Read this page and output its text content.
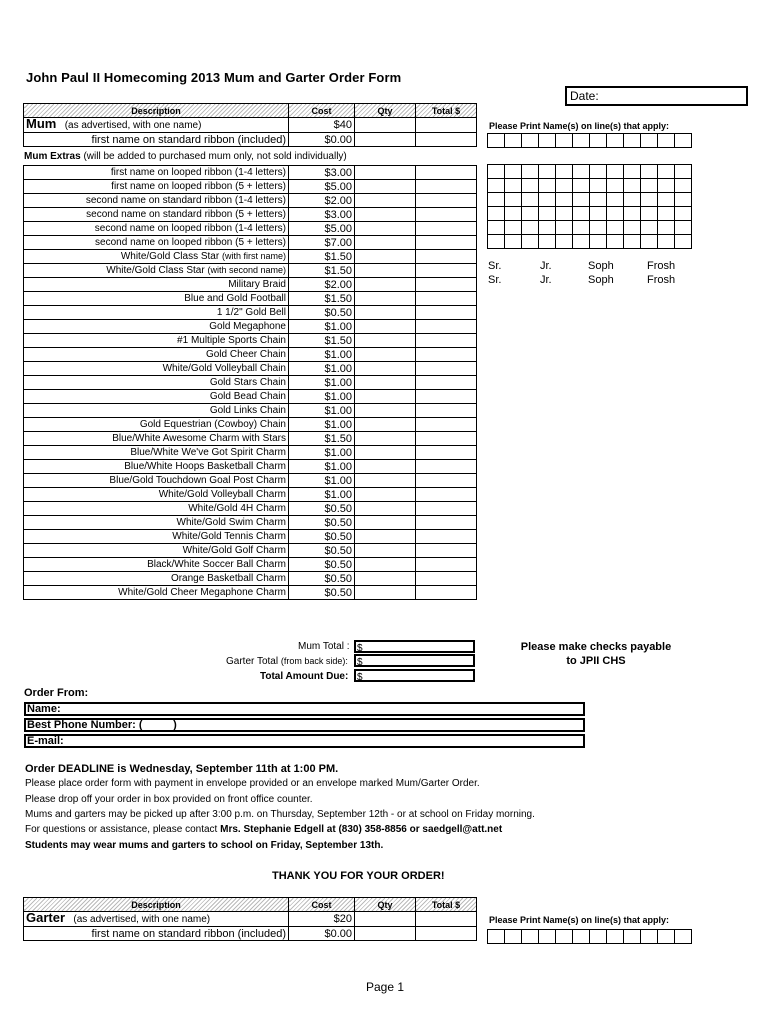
John Paul II Homecoming 2013 Mum and Garter Order Form
Date:
Description	Cost	Qty	Total $
Mum (as advertised, with one name)	$40		
first name on standard ribbon (included)	$0.00		
Mum Extras (will be added to purchased mum only, not sold individually)
first name on looped ribbon (1-4 letters)	$3.00		
first name on looped ribbon (5 + letters)	$5.00		
second name on standard ribbon (1-4 letters)	$2.00		
second name on standard ribbon (5 + letters)	$3.00		
second name on looped ribbon (1-4 letters)	$5.00		
second name on looped ribbon (5 + letters)	$7.00		
White/Gold Class Star (with first name)	$1.50		
White/Gold Class Star (with second name)	$1.50		
Military Braid	$2.00		
Blue and Gold Football	$1.50		
1 1/2" Gold Bell	$0.50		
Gold Megaphone	$1.00		
#1 Multiple Sports Chain	$1.50		
Gold Cheer Chain	$1.00		
White/Gold Volleyball Chain	$1.00		
Gold Stars Chain	$1.00		
Gold Bead Chain	$1.00		
Gold Links Chain	$1.00		
Gold Equestrian (Cowboy) Chain	$1.00		
Blue/White Awesome Charm with Stars	$1.50		
Blue/White We've Got Spirit Charm	$1.00		
Blue/White Hoops Basketball Charm	$1.00		
Blue/Gold Touchdown Goal Post Charm	$1.00		
White/Gold Volleyball Charm	$1.00		
White/Gold 4H Charm	$0.50		
White/Gold Swim Charm	$0.50		
White/Gold Tennis Charm	$0.50		
White/Gold Golf Charm	$0.50		
Black/White Soccer Ball Charm	$0.50		
Orange Basketball Charm	$0.50		
White/Gold Cheer Megaphone Charm	$0.50		
Please Print Name(s) on line(s) that apply:

Sr.	Jr.	Soph	Frosh
Sr.	Jr.	Soph	Frosh
Mum Total : $
Garter Total (from back side): $
Total Amount Due: $
Please make checks payable
to JPII CHS
Order From:
Name:
Best Phone Number: (          )
E-mail:
Order DEADLINE is Wednesday, September 11th at 1:00 PM.
Please place order form with payment in envelope provided or an envelope marked Mum/Garter Order.
Please drop off your order in box provided on front office counter.
Mums and garters may be picked up after 3:00 p.m. on Thursday, September 12th - or at school on Friday morning.
For questions or assistance, please contact Mrs. Stephanie Edgell at (830) 358-8856 or saedgell@att.net
Students may wear mums and garters to school on Friday, September 13th.
THANK YOU FOR YOUR ORDER!
Description	Cost	Qty	Total $
Garter (as advertised, with one name)	$20		
first name on standard ribbon (included)	$0.00		
Please Print Name(s) on line(s) that apply:

Page 1
